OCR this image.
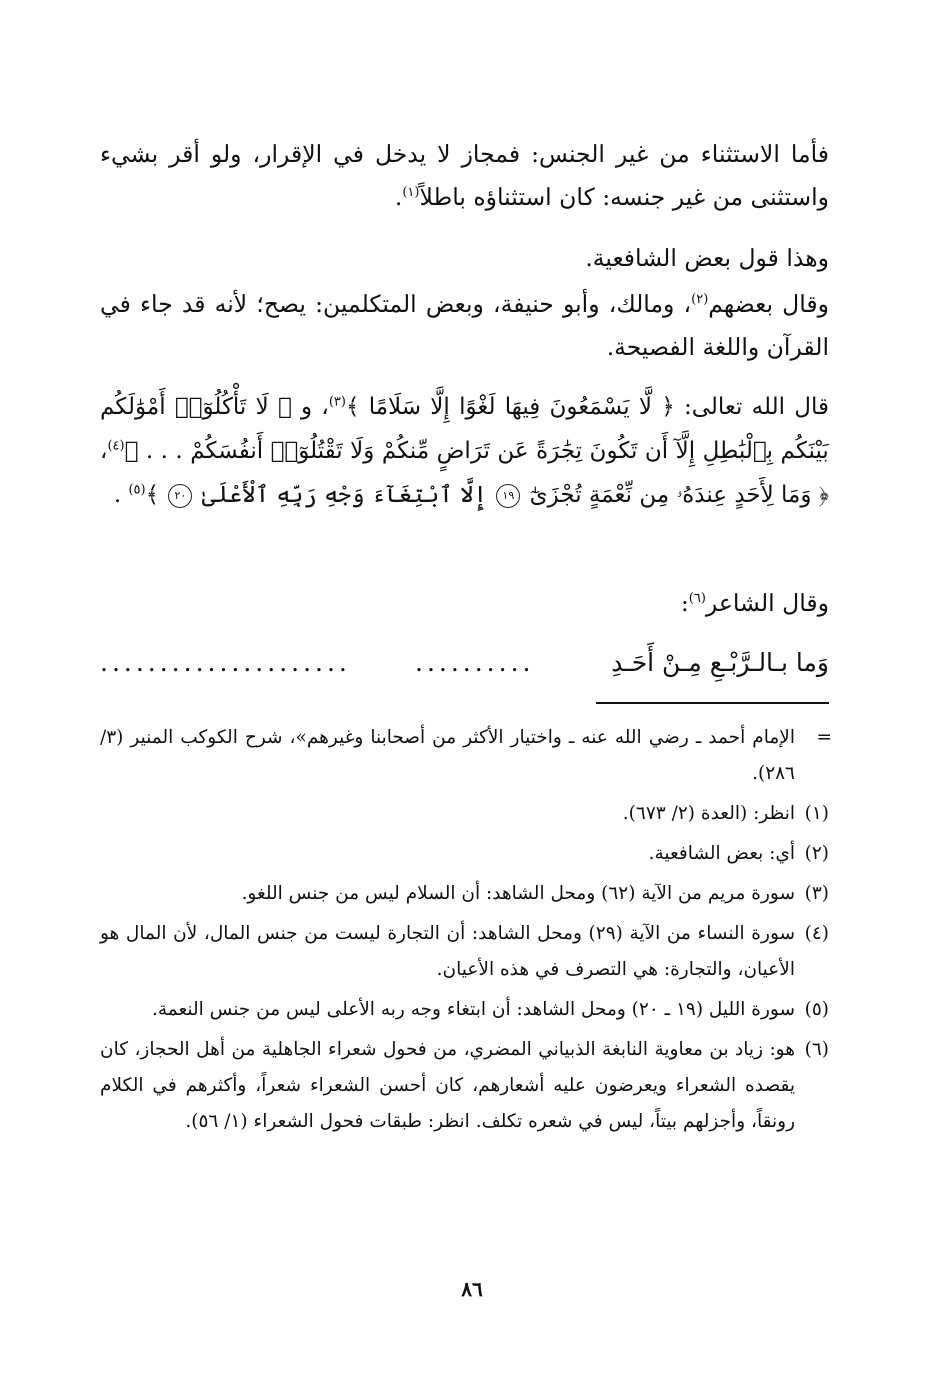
فأما الاستثناء من غير الجنس: فمجاز لا يدخل في الإقرار، ولو أقر بشيء واستثنى من غير جنسه: كان استثناؤه باطلاً$^{(١)}$.

وهذا قول بعض الشافعية.

وقال بعضهم$^{(٢)}$، ومالك، وأبو حنيفة، وبعض المتكلمين: يصح؛ لأنه قد جاء في القرآن واللغة الفصيحة.

قال الله تعالى: ﴿ لَّا يَسْمَعُونَ فِيهَا لَغْوًا إِلَّا سَلَامًا ﴾$^{(٣)}$، و ﴿ لَا تَأْكُلُوٓا۟ أَمْوَٰلَكُم بَيْنَكُم بِٱلْبَٰطِلِ إِلَّآ أَن تَكُونَ تِجَٰرَةً عَن تَرَاضٍ مِّنكُمْ وَلَا تَقْتُلُوٓا۟ أَنفُسَكُمْ . . . ﴾$^{(٤)}$، ﴿ وَمَا لِأَحَدٍ عِندَهُۥ مِن نِّعْمَةٍ تُجْزَىٰٓ ١٩ إِلَّا ٱبْتِغَآءَ وَجْهِ رَبِّهِ ٱلْأَعْلَىٰ ٢٠ ﴾$^{(٥)}$ .

وقال الشاعر$^{(٦)}$:

وَما بـالـرَّبْـعِ مِـنْ أَحَـدِ
..........
.....................

=
الإمام أحمد ـ رضي الله عنه ـ واختيار الأكثر من أصحابنا وغيرهم»، شرح الكوكب المنير (٣/ ٢٨٦).

(١)
انظر: (العدة (٢/ ٦٧٣).

(٢)
أي: بعض الشافعية.

(٣)
سورة مريم من الآية (٦٢) ومحل الشاهد: أن السلام ليس من جنس اللغو.

(٤)
سورة النساء من الآية (٢٩) ومحل الشاهد: أن التجارة ليست من جنس المال، لأن المال هو الأعيان، والتجارة: هي التصرف في هذه الأعيان.

(٥)
سورة الليل (١٩ ـ ٢٠) ومحل الشاهد: أن ابتغاء وجه ربه الأعلى ليس من جنس النعمة.

(٦)
هو: زياد بن معاوية النابغة الذبياني المضري، من فحول شعراء الجاهلية من أهل الحجاز، كان يقصده الشعراء ويعرضون عليه أشعارهم، كان أحسن الشعراء شعراً، وأكثرهم في الكلام رونقاً، وأجزلهم بيتاً، ليس في شعره تكلف. انظر: طبقات فحول الشعراء (١/ ٥٦).

٨٦
